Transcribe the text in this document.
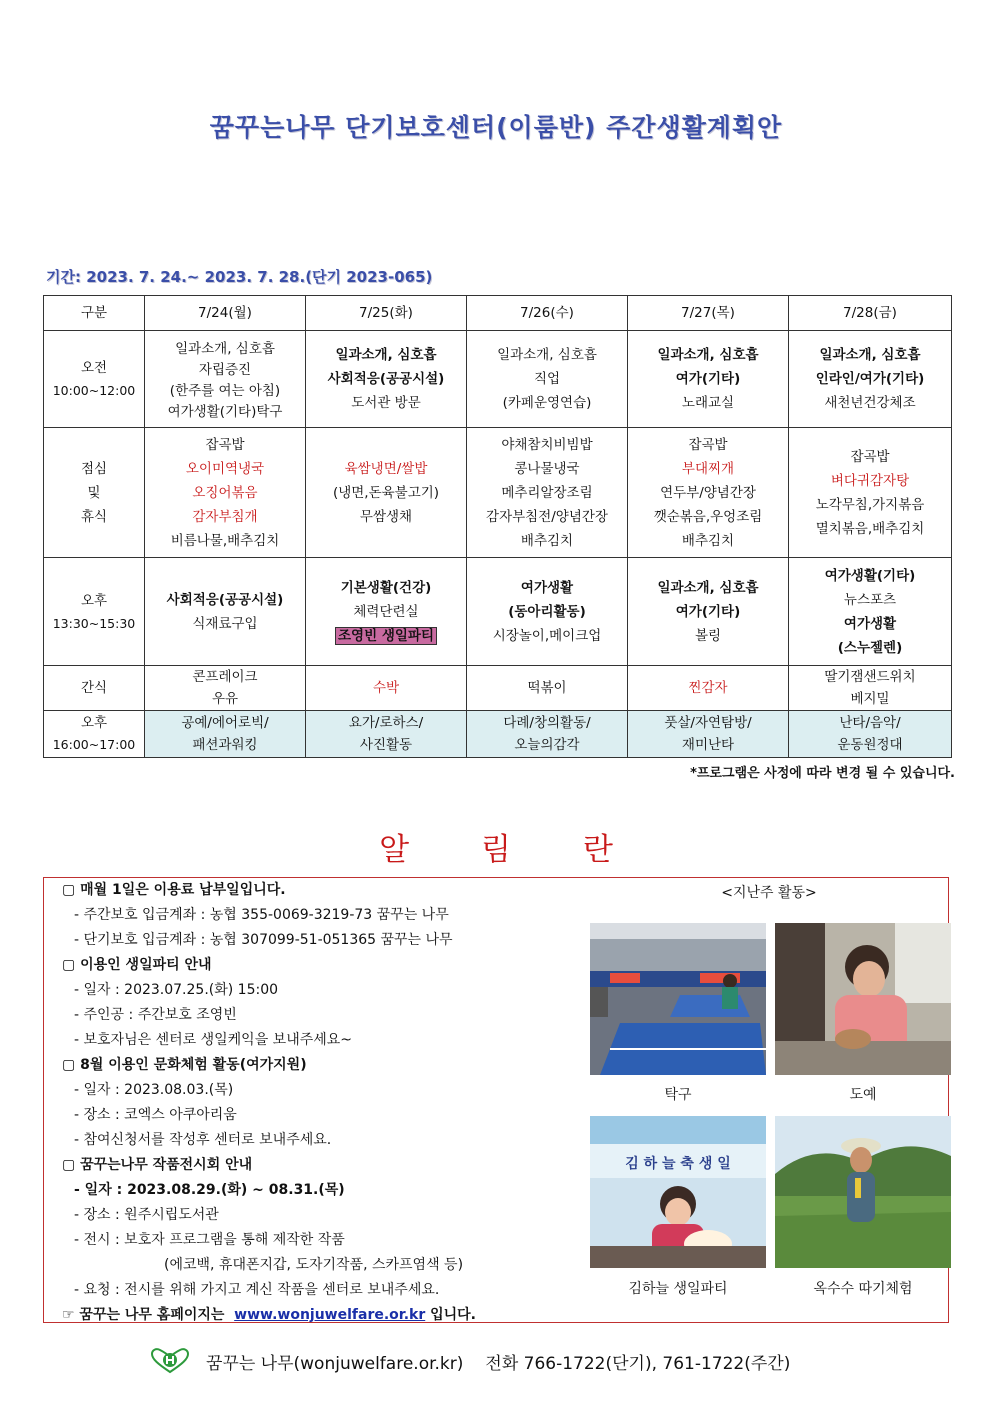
꿈꾸는나무 단기보호센터(이룸반) 주간생활계획안
기간: 2023. 7. 24.~ 2023. 7. 28.(단기 2023-065)
구분	7/24(월)	7/25(화)	7/26(수)	7/27(목)	7/28(금)

오전
10:00~12:00	일과소개, 심호흡
자립증진
(한주를 여는 아침)
여가생활(기타)탁구	일과소개, 심호흡
사회적응(공공시설)
도서관 방문	일과소개, 심호흡
직업
(카페운영연습)	일과소개, 심호흡
여가(기타)
노래교실	일과소개, 심호흡
인라인/여가(기타)
새천년건강체조

점심
및
휴식	잡곡밥
오이미역냉국
오징어볶음
감자부침개
비름나물,배추김치	육쌈냉면/쌀밥
(냉면,돈육불고기)
무쌈생채	야채참치비빔밥
콩나물냉국
메추리알장조림
감자부침전/양념간장
배추김치	잡곡밥
부대찌개
연두부/양념간장
깻순볶음,우엉조림
배추김치	잡곡밥
벼다귀감자탕
노각무침,가지볶음
멸치볶음,배추김치

오후
13:30~15:30	사회적응(공공시설)
식재료구입	기본생활(건강)
체력단련실
조영빈 생일파티	여가생활
(동아리활동)
시장놀이,메이크업	일과소개, 심호흡
여가(기타)
볼링	여가생활(기타)
뉴스포츠
여가생활
(스누젤렌)

간식	콘프레이크
우유	수박	떡볶이	찐감자	딸기잼샌드위치
베지밀

오후
16:00~17:00	공예/에어로빅/
패션과워킹	요가/로하스/
사진활동	다례/창의활동/
오늘의감각	풋살/자연탐방/
재미난타	난타/음악/
운동원정대
*프로그램은 사정에 따라 변경 될 수 있습니다.
알림란
▢ 매월 1일은 이용료 납부일입니다.
- 주간보호 입금계좌 : 농협 355-0069-3219-73 꿈꾸는 나무
- 단기보호 입금계좌 : 농협 307099-51-051365 꿈꾸는 나무
▢ 이용인 생일파티 안내
- 일자 : 2023.07.25.(화) 15:00
- 주인공 : 주간보호 조영빈
- 보호자님은 센터로 생일케익을 보내주세요~
▢ 8월 이용인 문화체험 활동(여가지원)
- 일자 : 2023.08.03.(목)
- 장소 : 코엑스 아쿠아리움
- 참여신청서를 작성후 센터로 보내주세요.
▢ 꿈꾸는나무 작품전시회 안내
- 일자 : 2023.08.29.(화) ~ 08.31.(목)
- 장소 : 원주시립도서관
- 전시 : 보호자 프로그램을 통해 제작한 작품
(에코백, 휴대폰지갑, 도자기작품, 스카프염색 등)
- 요청 : 전시를 위해 가지고 계신 작품을 센터로 보내주세요.
☞ 꿈꾸는 나무 홈페이지는 www.wonjuwelfare.or.kr 입니다.
<지난주 활동>
탁구	도예
김 하 늘 축 생 일
김하늘 생일파티	옥수수 따기체험
꿈꾸는 나무(wonjuwelfare.or.kr) 전화 766-1722(단기), 761-1722(주간)
